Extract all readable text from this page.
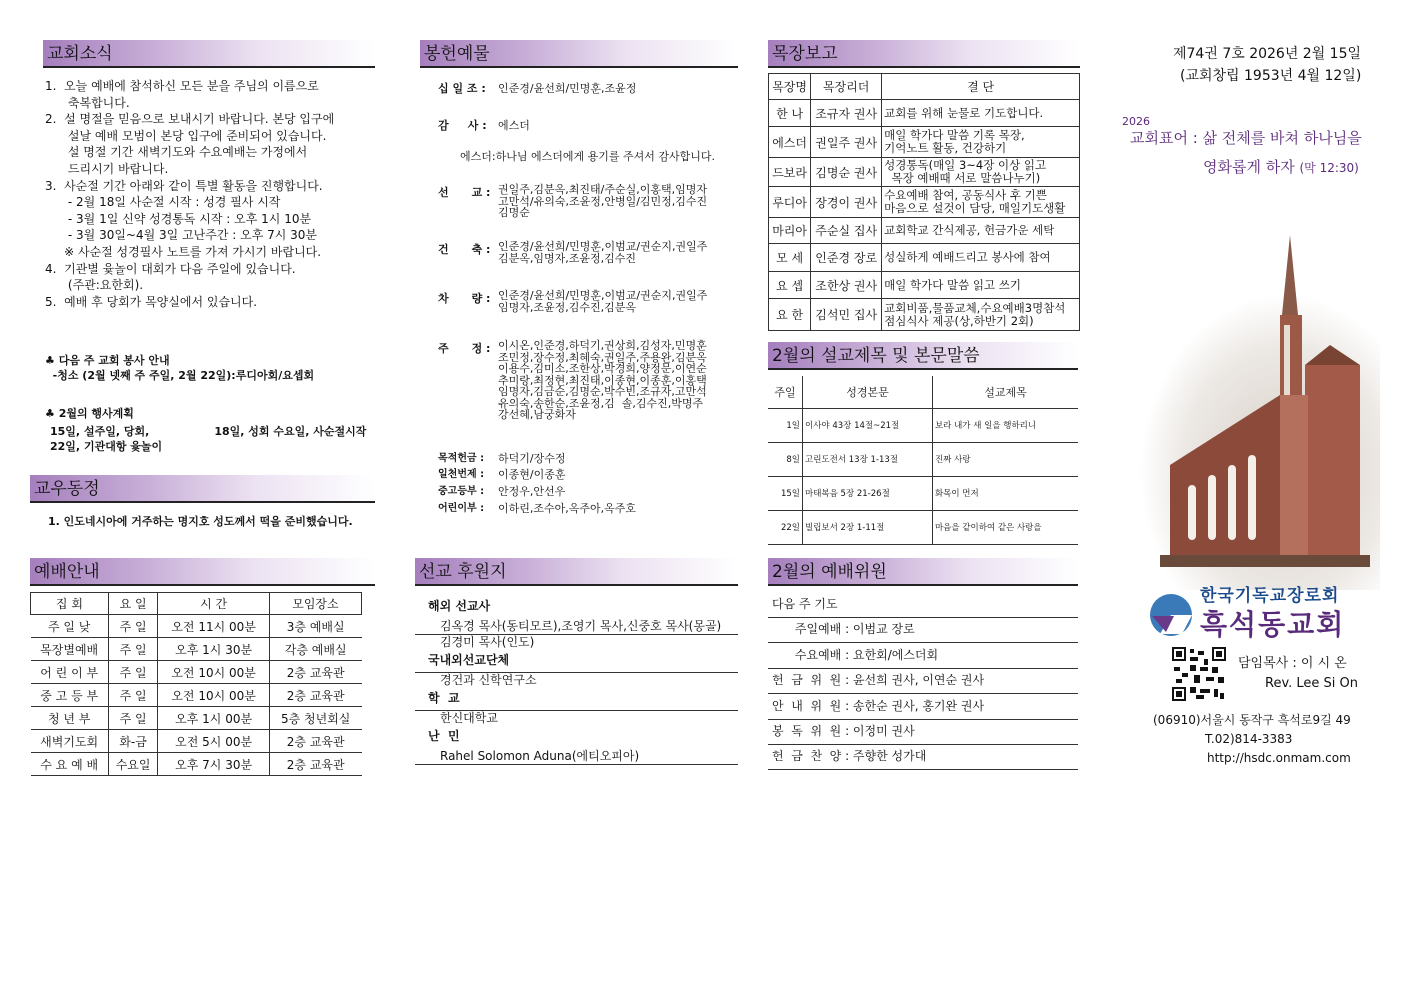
교회소식
1.  오늘 예배에 참석하신 모든 분을 주님의 이름으로
축복합니다.
2.  설 명절을 믿음으로 보내시기 바랍니다. 본당 입구에
설날 예배 모범이 본당 입구에 준비되어 있습니다.
설 명절 기간 새벽기도와 수요예배는 가정에서
드리시기 바랍니다.
3.  사순절 기간 아래와 같이 특별 활동을 진행합니다.
- 2월 18일 사순절 시작 : 성경 필사 시작
- 3월 1일 신약 성경통독 시작 : 오후 1시 10분
- 3월 30일~4월 3일 고난주간 : 오후 7시 30분
※ 사순절 성경필사 노트를 가져 가시기 바랍니다.
4.  기관별 윷놀이 대회가 다음 주일에 있습니다.
(주관:요한회).
5.  예배 후 당회가 목양실에서 있습니다.
♣ 다음 주 교회 봉사 안내
-청소 (2월 넷째 주 주일, 2월 22일):루디아회/요셉회
♣ 2월의 행사계획
15일, 설주일, 당회,                 18일, 성회 수요일, 사순절시작
22일, 기관대항 윷놀이
교우동정
1. 인도네시아에 거주하는 명지호 성도께서 떡을 준비했습니다.
예배안내
집 회	요 일	시 간	모임장소
주 일 낮	주 일	오전 11시 00분	3층 예배실
목장별예배	주 일	오후 1시 30분	각층 예배실
어 린 이 부	주 일	오전 10시 00분	2층 교육관
중 고 등 부	주 일	오전 10시 00분	2층 교육관
청 년 부	주 일	오후 1시 00분	5층 청년회실
새벽기도회	화-금	오전 5시 00분	2층 교육관
수 요 예 배	수요일	오후 7시 30분	2층 교육관
봉헌예물
십 일 조 : 인준경/윤선희/민명훈,조윤정
감     사 : 에스더
에스더:하나님 에스더에게 용기를 주셔서 감사합니다.
선      교 : 권일주,김분옥,최진태/주순실,이홍택,임명자
고만석/유의숙,조윤정,안병일/김민정,김수진
김명순
건      축 : 인준경/윤선희/민명훈,이범교/권순지,권일주
김분옥,임명자,조윤정,김수진
차      량 : 인준경/윤선희/민명훈,이범교/권순지,권일주
임명자,조윤정,김수진,김분옥
주      정 : 이시온,인준경,하덕기,권상희,김성자,민명훈
조민정,장수정,최혜숙,권일주,주용완,김분옥
이용수,김미소,조한상,박경희,양정문,이연순
추미랑,최정현,최진태,이종현,이종훈,이홍택
임명자,김금순,김명순,박수빈,조규자,고만석
유의숙,송한순,조윤정,김  솔,김수진,박명주
강선혜,남궁화자
목적헌금 : 하덕기/장수정
일천번제 : 이종현/이종훈
중고등부 : 안정우,안선우
어린이부 : 이하린,조수아,옥주아,옥주호
선교 후원지
해외 선교사
김옥경 목사(동티모르),조영기 목사,신중호 목사(몽골)
김경미 목사(인도)
국내외선교단체
경건과 신학연구소
학  교
한신대학교
난  민
Rahel Solomon Aduna(에티오피아)
목장보고
목장명	목장리더	결 단
한 나	조규자 권사	교회를 위해 눈물로 기도합니다.
에스더	권일주 권사	매일 학가다 말씀 기록 목장,
기억노트 활동, 건강하기
드보라	김명순 권사	성경통독(매일 3~4장 이상 읽고
목장 예배때 서로 말씀나누기)
루디아	장경이 권사	수요예배 참여, 공동식사 후 기쁜
마음으로 설것이 담당, 매일기도생활
마리아	주순실 집사	교회학교 간식제공, 헌금가운 세탁
모 세	인준경 장로	성실하게 예배드리고 봉사에 참여
요 셉	조한상 권사	매일 학가다 말씀 읽고 쓰기
요 한	김석민 집사	교회비품,물품교체,수요예배3명참석
점심식사 제공(상,하반기 2회)
2월의 설교제목 및 본문말씀
주일	성경본문	설교제목
1일	이사야 43장 14절~21절	보라 내가 새 일을 행하리니
8일	고린도전서 13장 1-13절	진짜 사랑
15일	마태복음 5장 21-26절	화목이 먼저
22일	빌립보서 2장 1-11절	마음을 같이하여 같은 사랑을
2월의 예배위원
다음 주 기도
주일예배 : 이범교 장로
수요예배 : 요한회/에스더회
헌  금  위  원 : 윤선희 권사, 이연순 권사
안  내  위  원 : 송한순 권사, 홍기완 권사
봉  독  위  원 : 이정미 권사
헌  금  찬  양 : 주향한 성가대
제74권 7호 2026년 2월 15일
(교회창립 1953년 4월 12일)
2026
교회표어 : 삶 전체를 바쳐 하나님을
영화롭게 하자 (막 12:30)
한국기독교장로회
흑석동교회
담임목사 : 이 시 온
Rev. Lee Si On
(06910)서울시 동작구 흑석로9길 49
T.02)814-3383
http://hsdc.onmam.com
